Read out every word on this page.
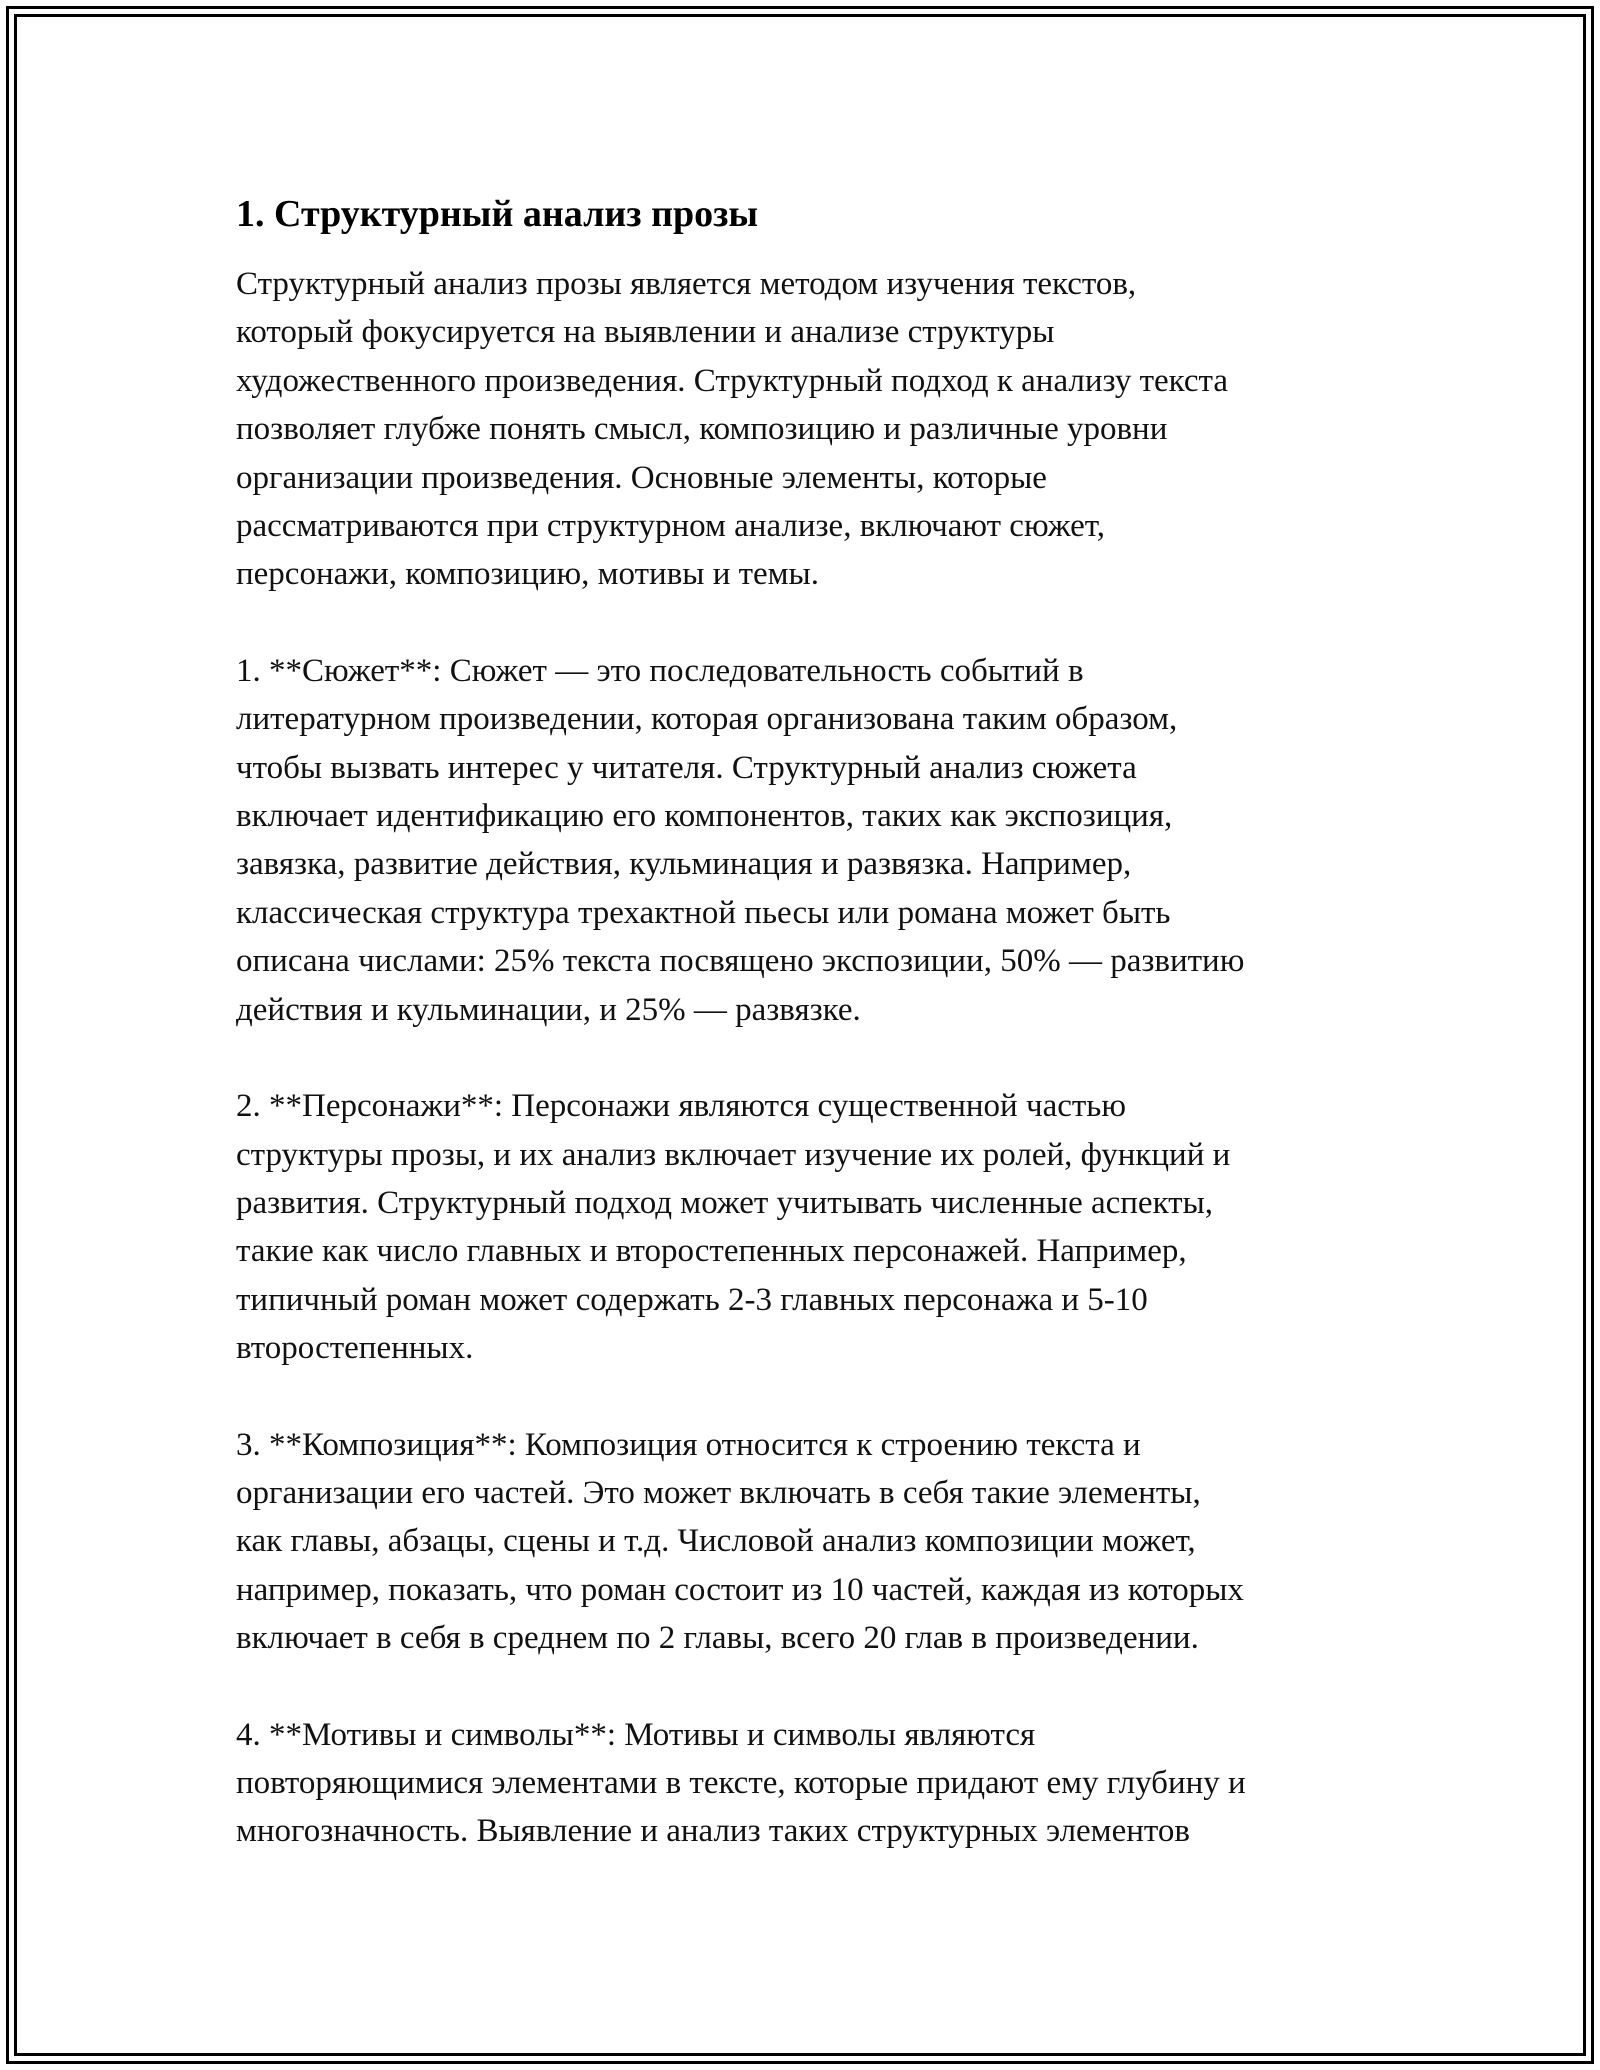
1. Структурный анализ прозы

Структурный анализ прозы является методом изучения текстов,
который фокусируется на выявлении и анализе структуры
художественного произведения. Структурный подход к анализу текста
позволяет глубже понять смысл, композицию и различные уровни
организации произведения. Основные элементы, которые
рассматриваются при структурном анализе, включают сюжет,
персонажи, композицию, мотивы и темы.

1. **Сюжет**: Сюжет — это последовательность событий в
литературном произведении, которая организована таким образом,
чтобы вызвать интерес у читателя. Структурный анализ сюжета
включает идентификацию его компонентов, таких как экспозиция,
завязка, развитие действия, кульминация и развязка. Например,
классическая структура трехактной пьесы или романа может быть
описана числами: 25% текста посвящено экспозиции, 50% — развитию
действия и кульминации, и 25% — развязке.

2. **Персонажи**: Персонажи являются существенной частью
структуры прозы, и их анализ включает изучение их ролей, функций и
развития. Структурный подход может учитывать численные аспекты,
такие как число главных и второстепенных персонажей. Например,
типичный роман может содержать 2-3 главных персонажа и 5-10
второстепенных.

3. **Композиция**: Композиция относится к строению текста и
организации его частей. Это может включать в себя такие элементы,
как главы, абзацы, сцены и т.д. Числовой анализ композиции может,
например, показать, что роман состоит из 10 частей, каждая из которых
включает в себя в среднем по 2 главы, всего 20 глав в произведении.

4. **Мотивы и символы**: Мотивы и символы являются
повторяющимися элементами в тексте, которые придают ему глубину и
многозначность. Выявление и анализ таких структурных элементов
